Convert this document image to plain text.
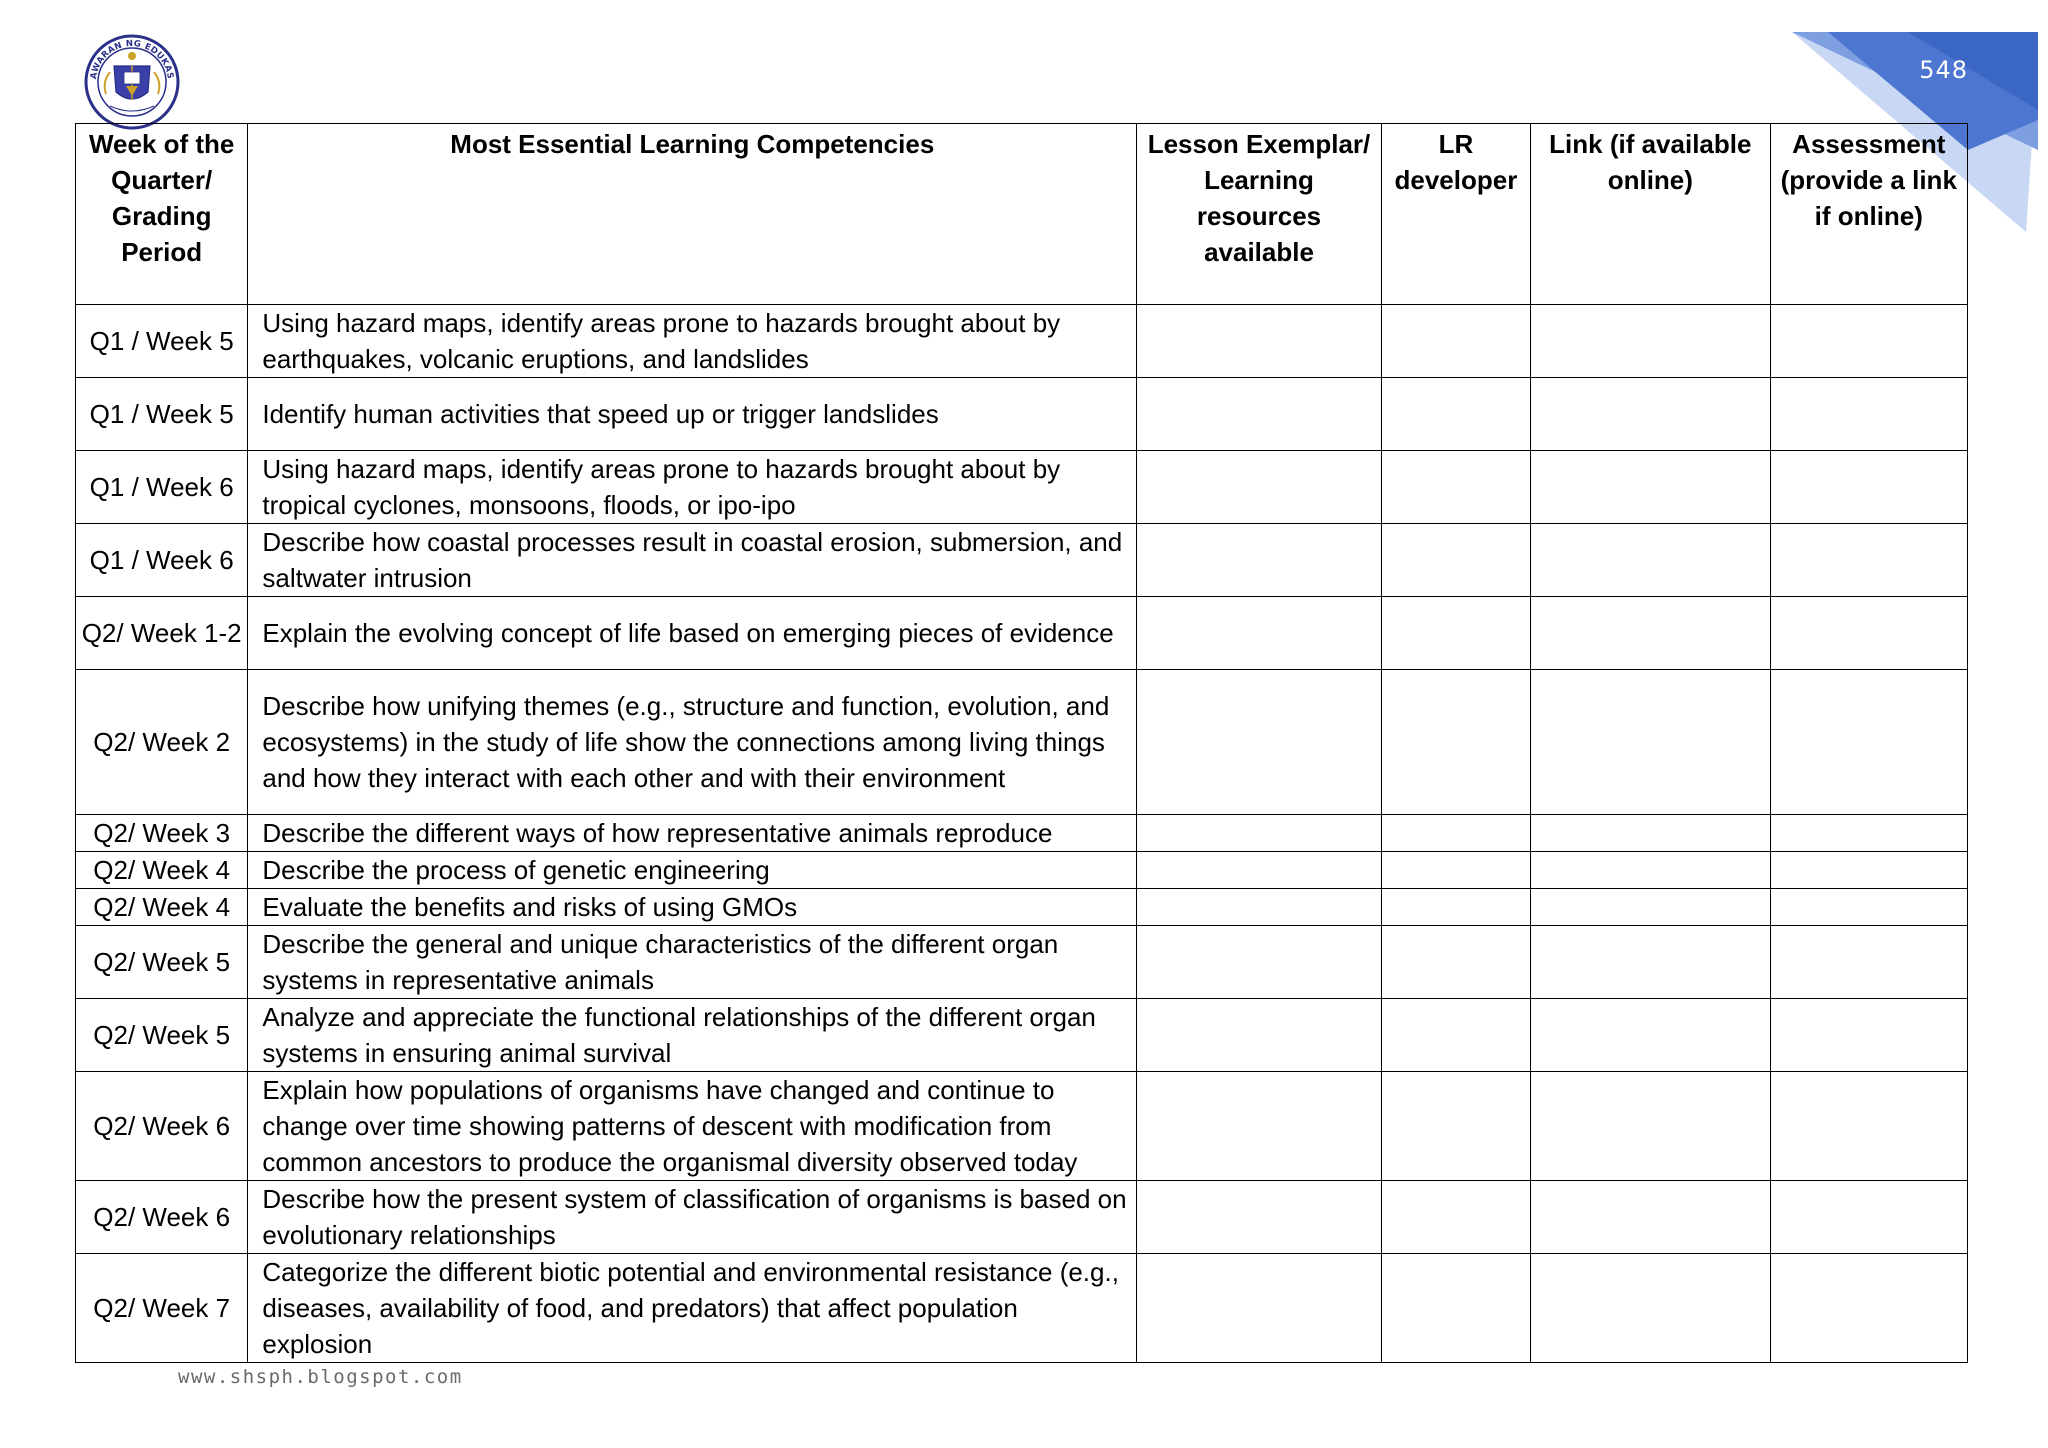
AWARAN NG EDUKAS	548
Week of the Quarter/ Grading Period	Most Essential Learning Competencies	Lesson Exemplar/ Learning resources available	LR developer	Link (if available online)	Assessment (provide a link if online)
Q1 / Week 5	Using hazard maps, identify areas prone to hazards brought about by earthquakes, volcanic eruptions, and landslides				
Q1 / Week 5	Identify human activities that speed up or trigger landslides				
Q1 / Week 6	Using hazard maps, identify areas prone to hazards brought about by tropical cyclones, monsoons, floods, or ipo-ipo				
Q1 / Week 6	Describe how coastal processes result in coastal erosion, submersion, and saltwater intrusion				
Q2/ Week 1-2	Explain the evolving concept of life based on emerging pieces of evidence				
Q2/ Week 2	Describe how unifying themes (e.g., structure and function, evolution, and ecosystems) in the study of life show the connections among living things and how they interact with each other and with their environment				
Q2/ Week 3	Describe the different ways of how representative animals reproduce				
Q2/ Week 4	Describe the process of genetic engineering				
Q2/ Week 4	Evaluate the benefits and risks of using GMOs				
Q2/ Week 5	Describe the general and unique characteristics of the different organ systems in representative animals				
Q2/ Week 5	Analyze and appreciate the functional relationships of the different organ systems in ensuring animal survival				
Q2/ Week 6	Explain how populations of organisms have changed and continue to change over time showing patterns of descent with modification from common ancestors to produce the organismal diversity observed today				
Q2/ Week 6	Describe how the present system of classification of organisms is based on evolutionary relationships				
Q2/ Week 7	Categorize the different biotic potential and environmental resistance (e.g., diseases, availability of food, and predators) that affect population explosion				
www.shsph.blogspot.com
